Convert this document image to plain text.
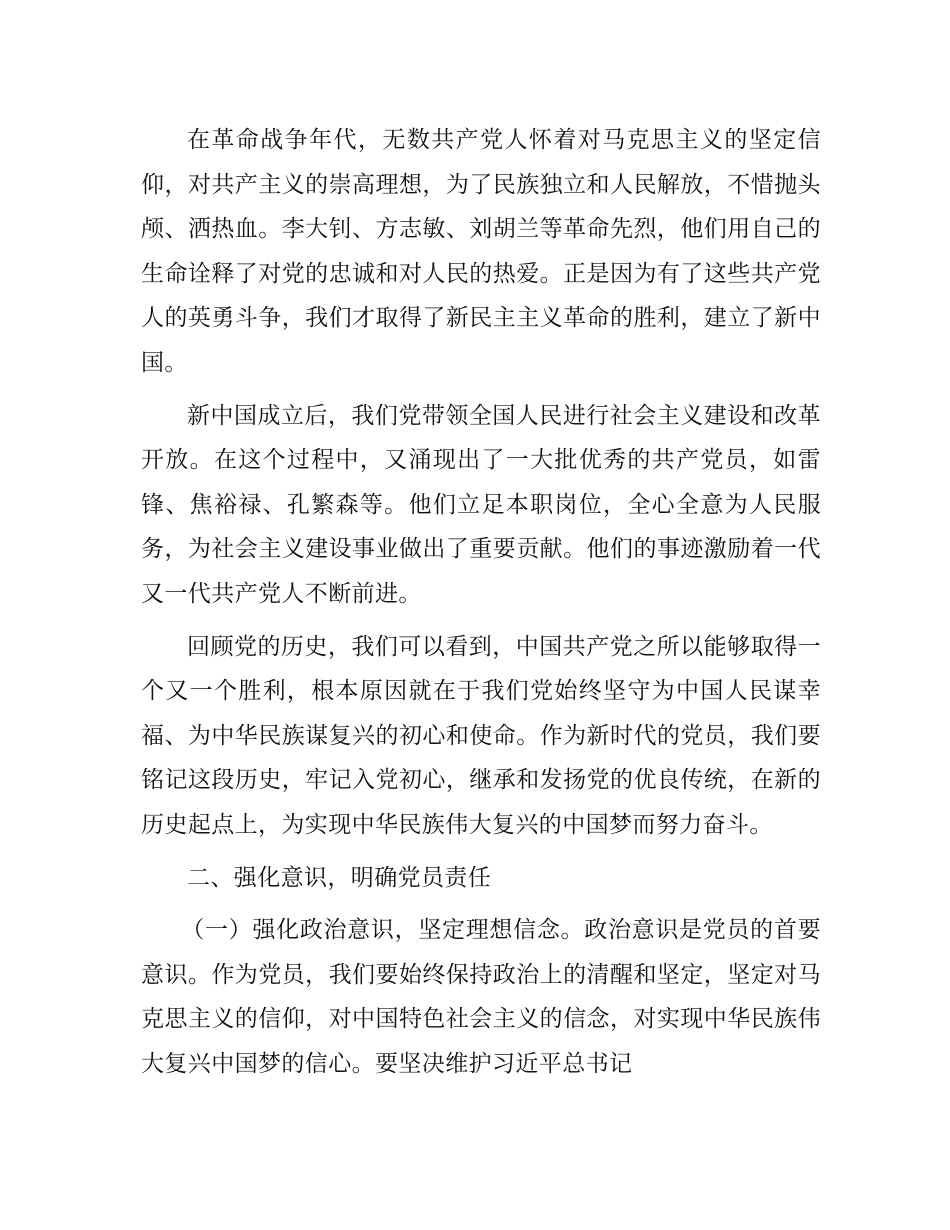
在革命战争年代，无数共产党人怀着对马克思主义的坚定信仰，对共产主义的崇高理想，为了民族独立和人民解放，不惜抛头颅、洒热血。李大钊、方志敏、刘胡兰等革命先烈，他们用自己的生命诠释了对党的忠诚和对人民的热爱。正是因为有了这些共产党人的英勇斗争，我们才取得了新民主主义革命的胜利，建立了新中国。

新中国成立后，我们党带领全国人民进行社会主义建设和改革开放。在这个过程中，又涌现出了一大批优秀的共产党员，如雷锋、焦裕禄、孔繁森等。他们立足本职岗位，全心全意为人民服务，为社会主义建设事业做出了重要贡献。他们的事迹激励着一代又一代共产党人不断前进。

回顾党的历史，我们可以看到，中国共产党之所以能够取得一个又一个胜利，根本原因就在于我们党始终坚守为中国人民谋幸福、为中华民族谋复兴的初心和使命。作为新时代的党员，我们要铭记这段历史，牢记入党初心，继承和发扬党的优良传统，在新的历史起点上，为实现中华民族伟大复兴的中国梦而努力奋斗。

二、强化意识，明确党员责任

（一）强化政治意识，坚定理想信念。政治意识是党员的首要意识。作为党员，我们要始终保持政治上的清醒和坚定，坚定对马克思主义的信仰，对中国特色社会主义的信念，对实现中华民族伟大复兴中国梦的信心。要坚决维护习近平总书记
